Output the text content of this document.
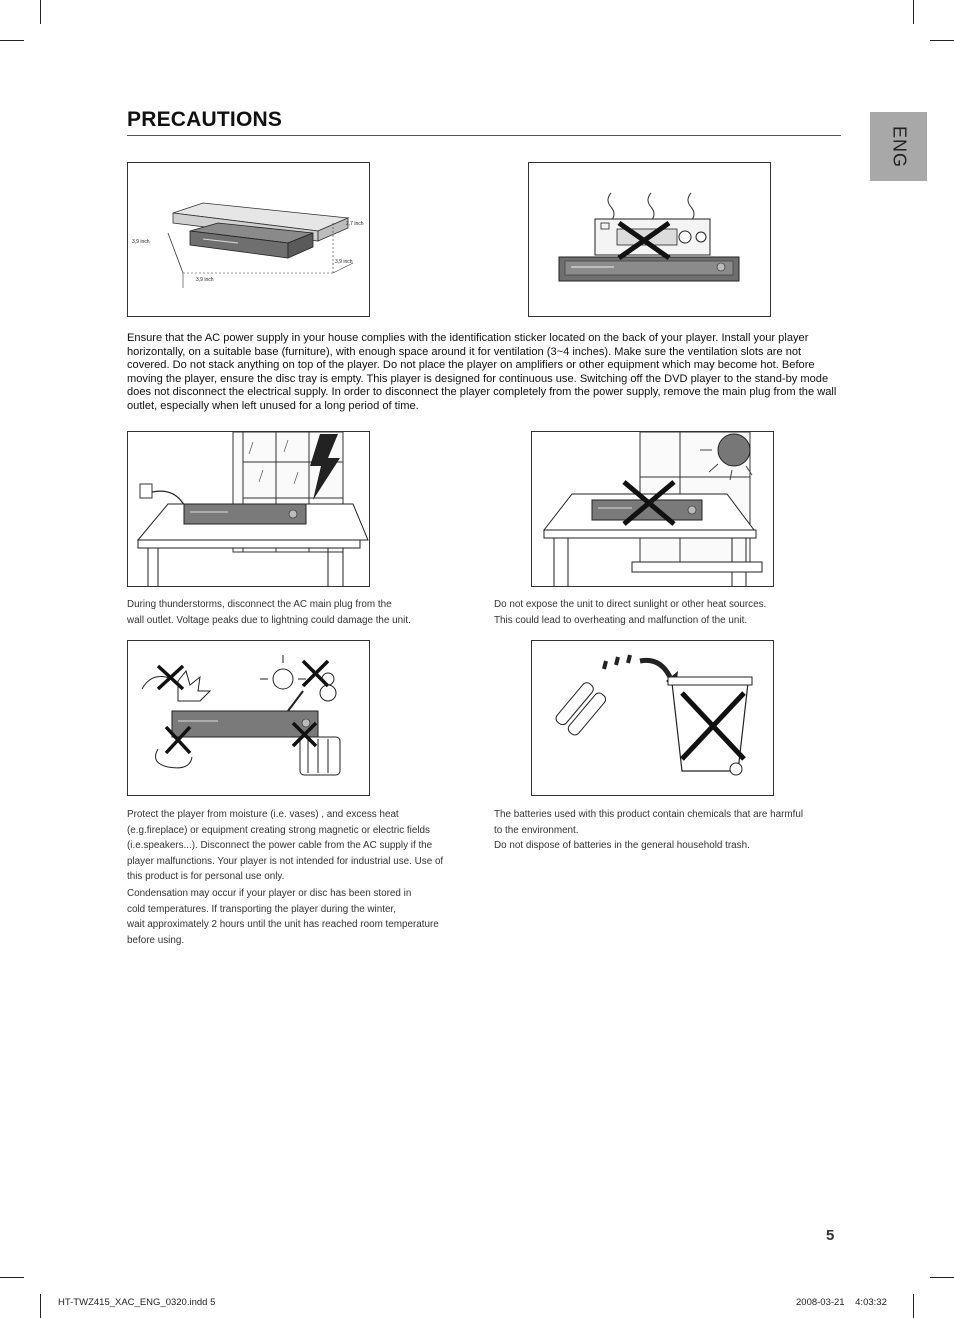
PRECAUTIONS
ENG
2,7 inch
3,9 inch
3,9 inch
3,9 inch
Ensure that the AC power supply in your house complies with the identification sticker located on the back of your player. Install your player horizontally, on a suitable base (furniture), with enough space around it for ventilation (3~4 inches). Make sure the ventilation slots are not covered. Do not stack anything on top of the player. Do not place the player on amplifiers or other equipment which may become hot. Before moving the player, ensure the disc tray is empty. This player is designed for continuous use. Switching off the DVD player to the stand-by mode does not disconnect the electrical supply. In order to disconnect the player completely from the power supply, remove the main plug from the wall outlet, especially when left unused for a long period of time.

During thunderstorms, disconnect the AC main plug from the

wall outlet. Voltage peaks due to lightning could damage the unit.

Do not expose the unit to direct sunlight or other heat sources.

This could lead to overheating and malfunction of the unit.

Protect the player from moisture (i.e. vases) , and excess heat

(e.g.fireplace) or equipment creating strong magnetic or electric fields

(i.e.speakers...). Disconnect the power cable from the AC supply if the

player malfunctions. Your player is not intended for industrial use. Use of

this product is for personal use only.

Condensation may occur if your player or disc has been stored in

cold temperatures. If transporting the player during the winter,

wait approximately 2 hours until the unit has reached room temperature

before using.

The batteries used with this product contain chemicals that are harmful

to the environment.

Do not dispose of batteries in the general household trash.

5
HT-TWZ415_XAC_ENG_0320.indd 5	2008-03-21    4:03:32
